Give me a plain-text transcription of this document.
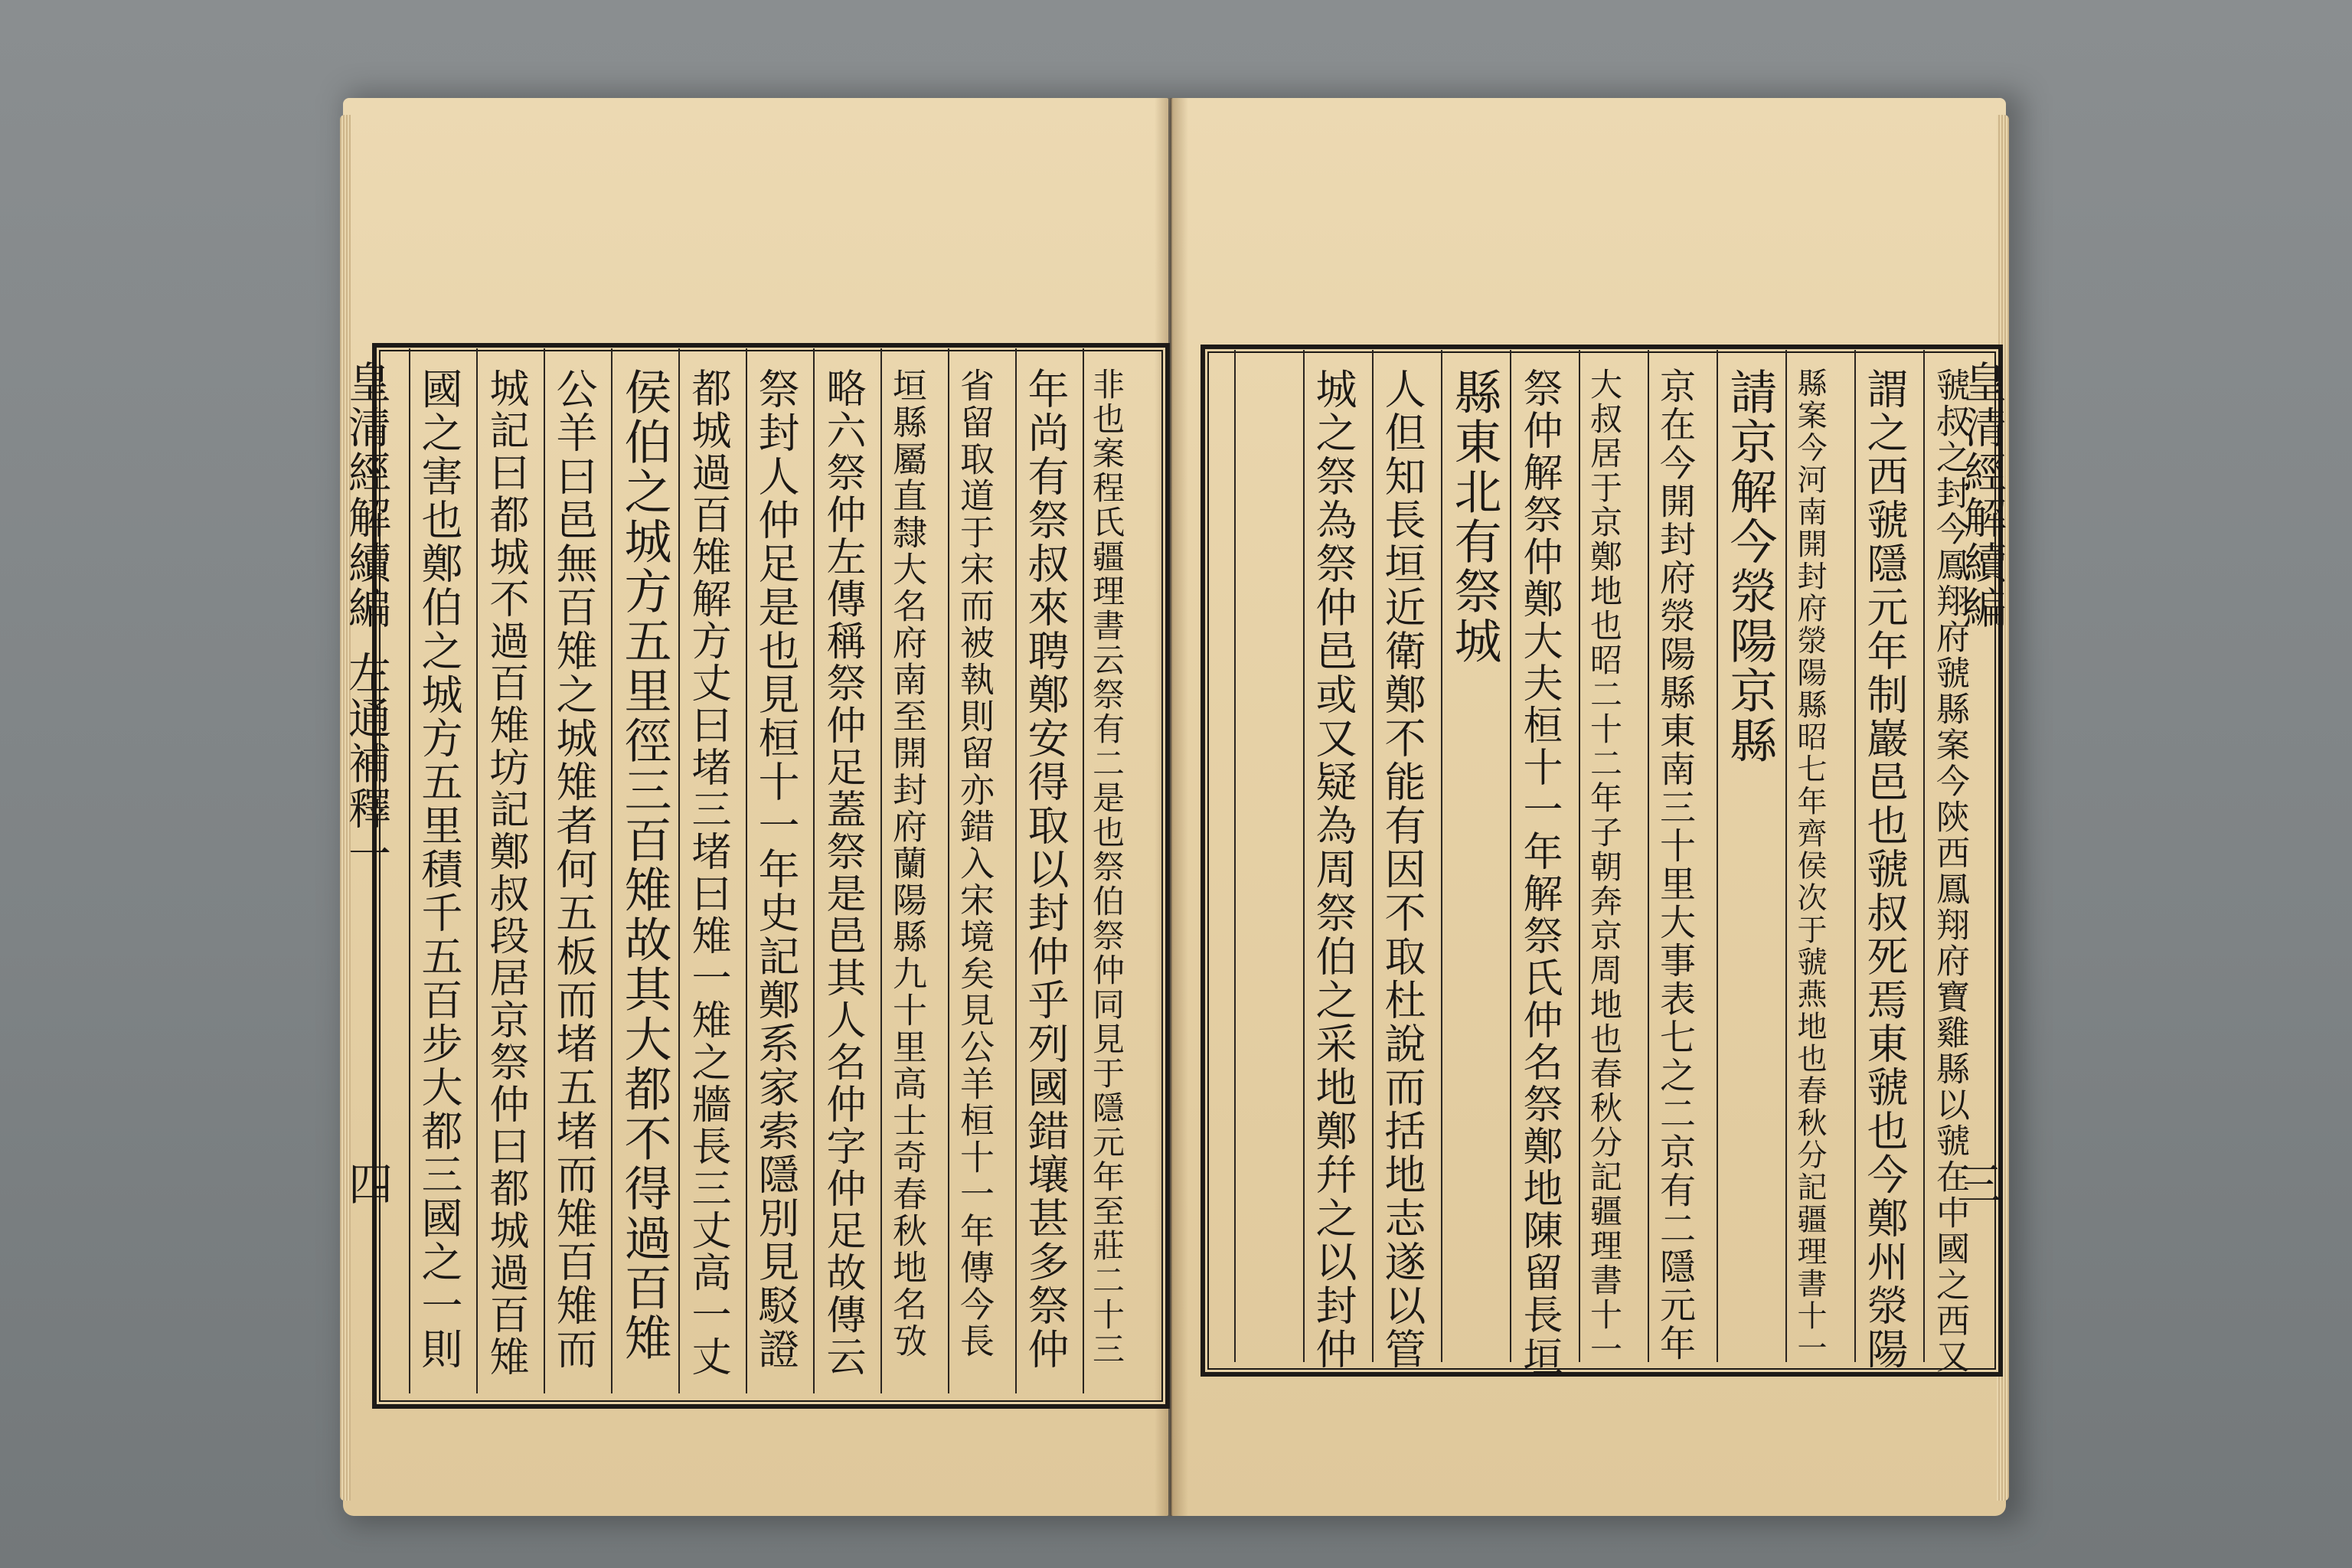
皇清經解續編
左通補釋一
四	非也案程氏疆理書云祭有二是也祭伯祭仲同見于隱元年至莊二十三
年尚有祭叔來聘鄭安得取以封仲乎列國錯壤甚多祭仲
省留取道于宋而被執則留亦錯入宋境矣見公羊桓十一年傳今長
垣縣屬直隸大名府南至開封府蘭陽縣九十里高士奇春秋地名攷
略六祭仲左傳稱祭仲足蓋祭是邑其人名仲字仲足故傳云
祭封人仲足是也見桓十一年史記鄭系家索隱別見駁證
都城過百雉解方丈曰堵三堵曰雉一雉之牆長三丈高一丈
侯伯之城方五里徑三百雉故其大都不得過百雉
公羊曰邑無百雉之城雉者何五板而堵五堵而雉百雉而
城記曰都城不過百雉坊記鄭叔段居京祭仲曰都城過百雉
國之害也鄭伯之城方五里積千五百步大都三國之一則	皇清經解續編
三
虢叔之封今鳳翔府虢縣案今陝西鳳翔府寶雞縣以虢在中國之西又
謂之西虢隱元年制巖邑也虢叔死焉東虢也今鄭州滎陽
縣案今河南開封府滎陽縣昭七年齊侯次于虢燕地也春秋分記疆理書十一
請京解今滎陽京縣
京在今開封府滎陽縣東南三十里大事表七之二京有二隱元年
大叔居于京鄭地也昭二十二年子朝奔京周地也春秋分記疆理書十一
祭仲解祭仲鄭大夫桓十一年解祭氏仲名祭鄭地陳留長垣
縣東北有祭城
人但知長垣近衛鄭不能有因不取杜說而括地志遂以管
城之祭為祭仲邑或又疑為周祭伯之采地鄭幷之以封仲
